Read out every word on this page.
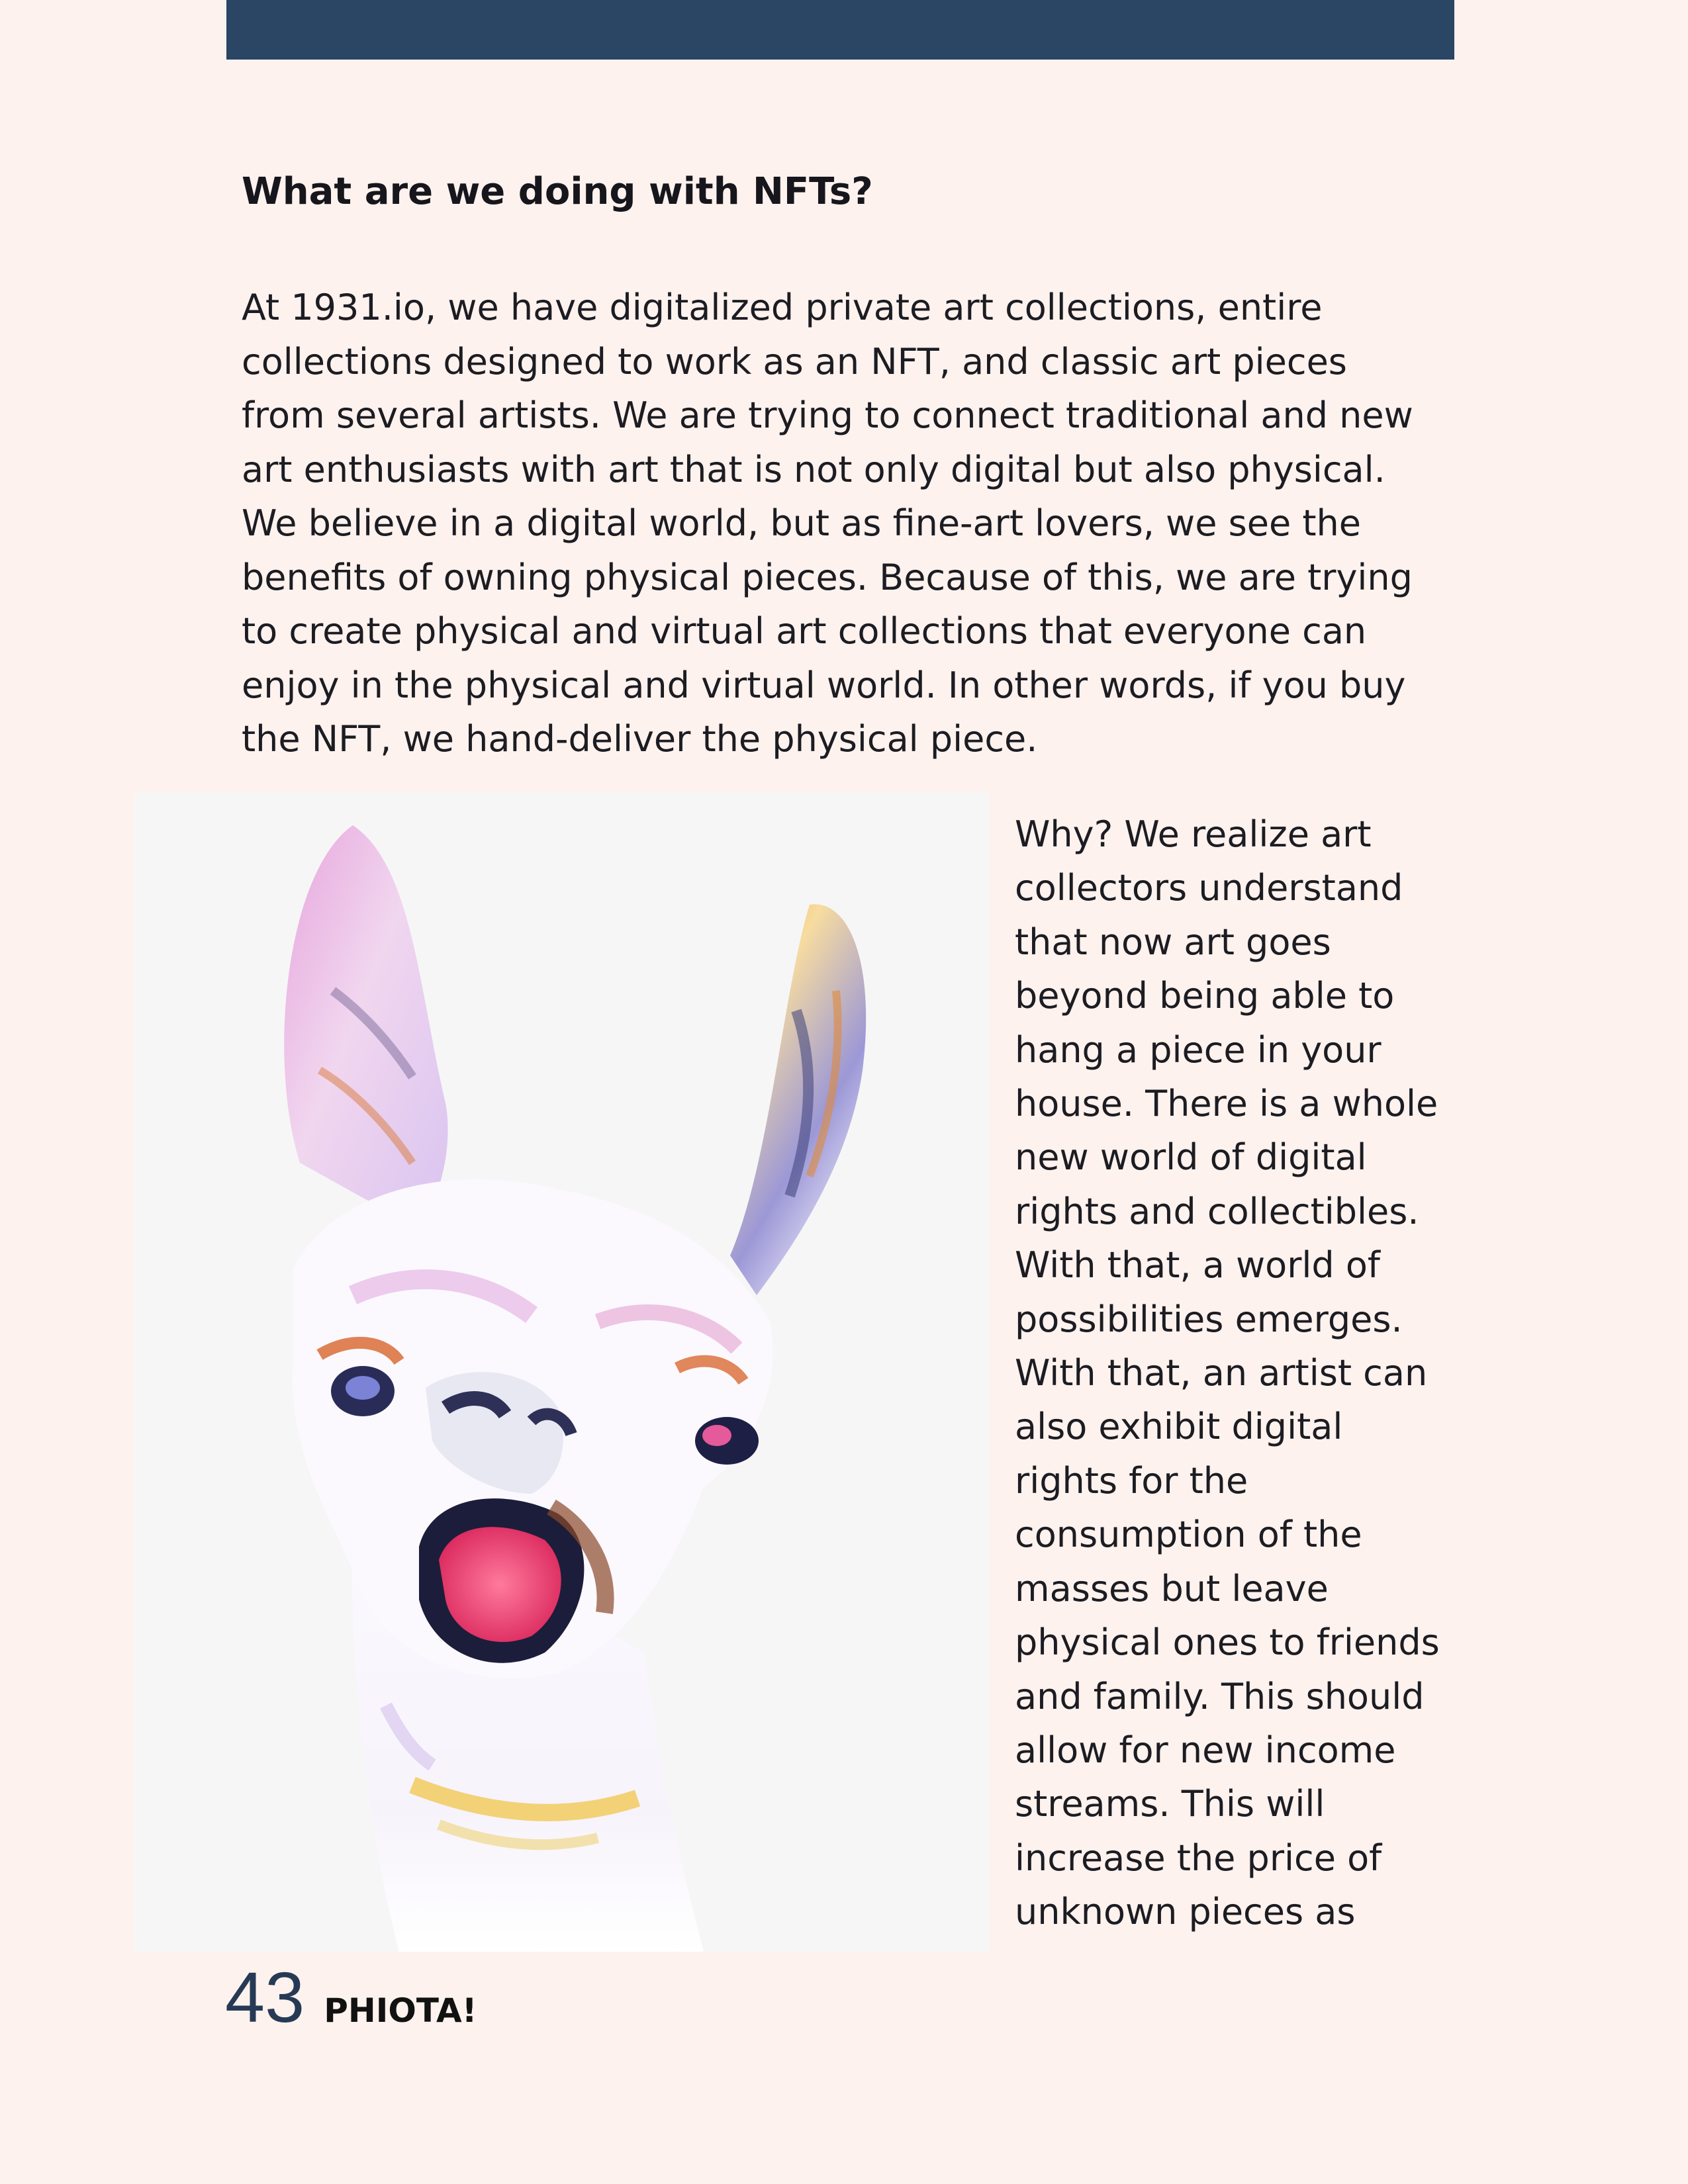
What are we doing with NFTs?

At 1931.io, we have digitalized private art collections, entire collections designed to work as an NFT, and classic art pieces from several artists. We are trying to connect traditional and new art enthusiasts with art that is not only digital but also physical. We believe in a digital world, but as fine-art lovers, we see the benefits of owning physical pieces. Because of this, we are trying to create physical and virtual art collections that everyone can enjoy in the physical and virtual world. In other words, if you buy the NFT, we hand-deliver the physical piece.

Why? We realize art collectors understand that now art goes beyond being able to hang a piece in your house. There is a whole new world of digital rights and collectibles. With that, a world of possibilities emerges. With that, an artist can also exhibit digital rights for the consumption of the masses but leave physical ones to friends and family. This should allow for new income streams. This will increase the price of unknown pieces as

43 PHIOTA!
